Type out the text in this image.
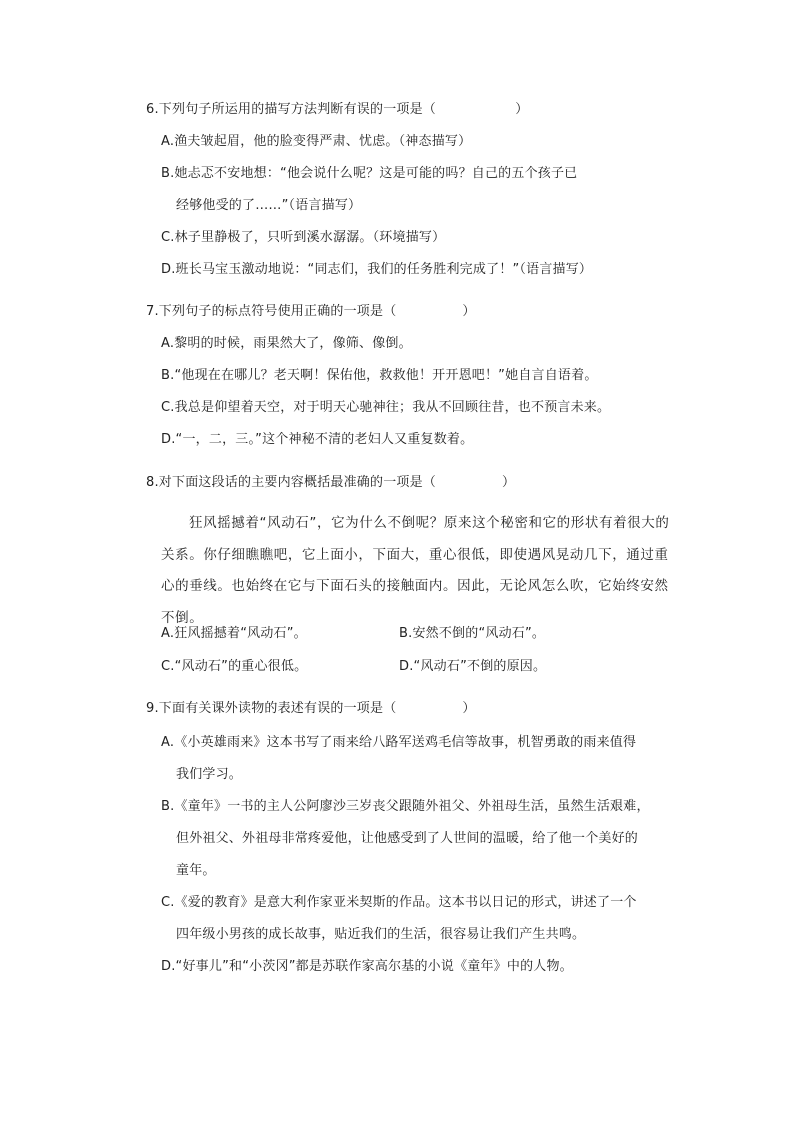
6.下列句子所运用的描写方法判断有误的一项是（　　　　　　）
A.渔夫皱起眉，他的脸变得严肃、忧虑。（神态描写）
B.她忐忑不安地想：“他会说什么呢？这是可能的吗？自己的五个孩子已
经够他受的了……”（语言描写）
C.林子里静极了，只听到溪水潺潺。（环境描写）
D.班长马宝玉激动地说：“同志们，我们的任务胜利完成了！”（语言描写）
7.下列句子的标点符号使用正确的一项是（　　　　　）
A.黎明的时候，雨果然大了，像筛、像倒。
B.“他现在在哪儿？老天啊！保佑他，救救他！开开恩吧！”她自言自语着。
C.我总是仰望着天空，对于明天心驰神往；我从不回顾往昔，也不预言未来。
D.“一，二，三。”这个神秘不清的老妇人又重复数着。
8.对下面这段话的主要内容概括最准确的一项是（　　　　　）
狂风摇撼着“风动石”，它为什么不倒呢？原来这个秘密和它的形状有着很大的关系。你仔细瞧瞧吧，它上面小，下面大，重心很低，即使遇风晃动几下，通过重心的垂线。也始终在它与下面石头的接触面内。因此，无论风怎么吹，它始终安然不倒。
A.狂风摇撼着“风动石”。	B.安然不倒的“风动石”。
C.“风动石”的重心很低。	D.“风动石”不倒的原因。
9.下面有关课外读物的表述有误的一项是（　　　　　）
A.《小英雄雨来》这本书写了雨来给八路军送鸡毛信等故事，机智勇敢的雨来值得
我们学习。
B.《童年》一书的主人公阿廖沙三岁丧父跟随外祖父、外祖母生活，虽然生活艰难，
但外祖父、外祖母非常疼爱他，让他感受到了人世间的温暖，给了他一个美好的
童年。
C.《爱的教育》是意大利作家亚米契斯的作品。这本书以日记的形式，讲述了一个
四年级小男孩的成长故事，贴近我们的生活，很容易让我们产生共鸣。
D.“好事儿”和“小茨冈”都是苏联作家高尔基的小说《童年》中的人物。
